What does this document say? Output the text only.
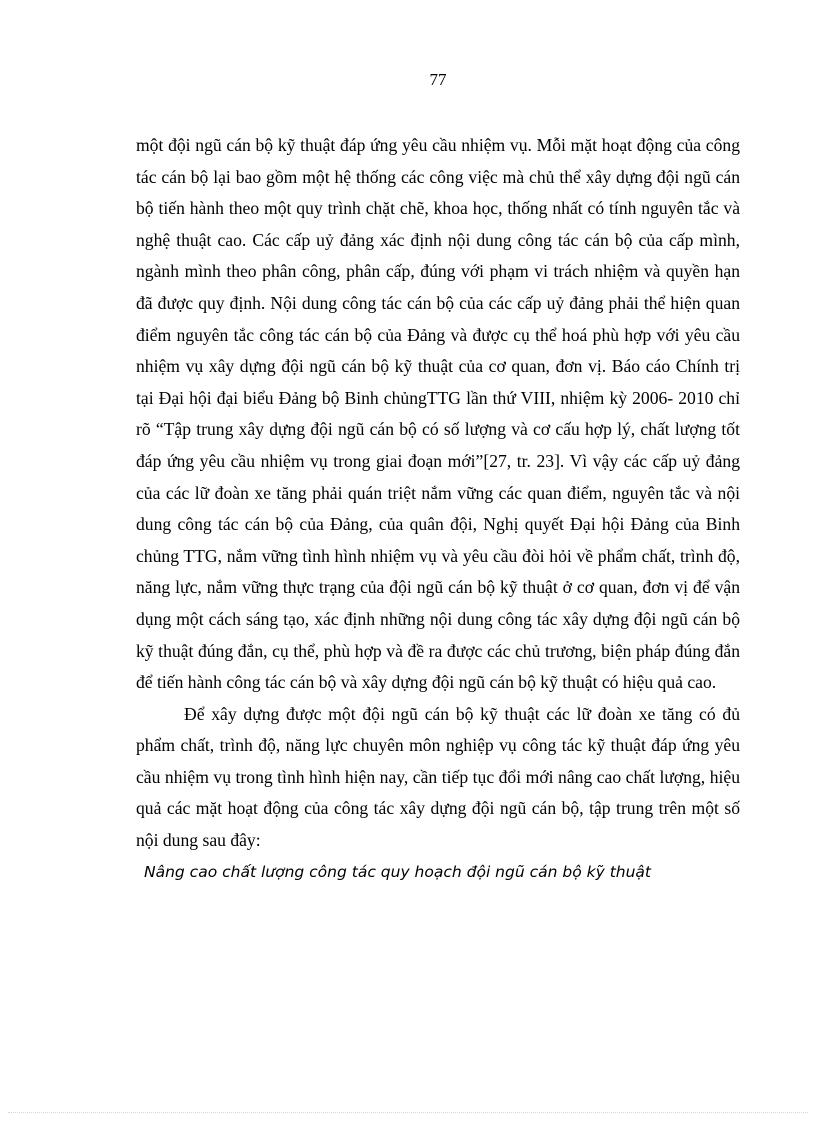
77

một đội ngũ cán bộ kỹ thuật đáp ứng yêu cầu nhiệm vụ. Mỗi mặt hoạt động của công tác cán bộ lại bao gồm một hệ thống các công việc mà chủ thể xây dựng đội ngũ cán bộ tiến hành theo một quy trình chặt chẽ, khoa học, thống nhất có tính nguyên tắc và nghệ thuật cao. Các cấp uỷ đảng xác định nội dung công tác cán bộ của cấp mình, ngành mình theo phân công, phân cấp, đúng với phạm vi trách nhiệm và quyền hạn đã được quy định. Nội dung công tác cán bộ của các cấp uỷ đảng phải thể hiện quan điểm nguyên tắc công tác cán bộ của Đảng và được cụ thể hoá phù hợp với yêu cầu nhiệm vụ xây dựng đội ngũ cán bộ kỹ thuật của cơ quan, đơn vị. Báo cáo Chính trị tại Đại hội đại biểu Đảng bộ Binh chủngTTG lần thứ VIII, nhiệm kỳ 2006- 2010 chỉ rõ “Tập trung xây dựng đội ngũ cán bộ có số lượng và cơ cấu hợp lý, chất lượng tốt đáp ứng yêu cầu nhiệm vụ trong giai đoạn mới”[27, tr. 23]. Vì vậy các cấp uỷ đảng của các lữ đoàn xe tăng phải quán triệt nắm vững các quan điểm, nguyên tắc và nội dung công tác cán bộ của Đảng, của quân đội, Nghị quyết Đại hội Đảng của Binh chủng TTG, nắm vững tình hình nhiệm vụ và yêu cầu đòi hỏi về phẩm chất, trình độ, năng lực, nắm vững thực trạng của đội ngũ cán bộ kỹ thuật ở cơ quan, đơn vị để vận dụng một cách sáng tạo, xác định những nội dung công tác xây dựng đội ngũ cán bộ kỹ thuật đúng đắn, cụ thể, phù hợp và đề ra được các chủ trương, biện pháp đúng đắn để tiến hành công tác cán bộ và xây dựng đội ngũ cán bộ kỹ thuật có hiệu quả cao.

Để xây dựng được một đội ngũ cán bộ kỹ thuật các lữ đoàn xe tăng có đủ phẩm chất, trình độ, năng lực chuyên môn nghiệp vụ công tác kỹ thuật đáp ứng yêu cầu nhiệm vụ trong tình hình hiện nay, cần tiếp tục đổi mới nâng cao chất lượng, hiệu quả các mặt hoạt động của công tác xây dựng đội ngũ cán bộ, tập trung trên một số nội dung sau đây:

Nâng cao chất lượng công tác quy hoạch đội ngũ cán bộ kỹ thuật
